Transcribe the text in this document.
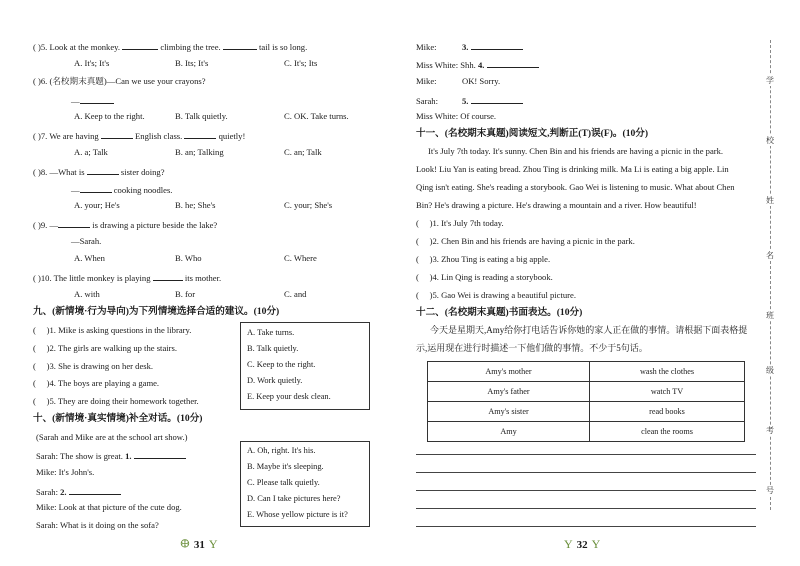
( )5. Look at the monkey.	climbing the tree.	tail is so long.
A. It's; It's	B. Its; It's	C. It's; Its
( )6. (名校期末真题)—Can we use your crayons?
—
A. Keep to the right.	B. Talk quietly.	C. OK. Take turns.
( )7. We are having	English class.	quietly!
A. a; Talk	B. an; Talking	C. an; Talk
( )8. —What is	sister doing?
—	cooking noodles.
A. your; He's	B. he; She's	C. your; She's
( )9. —	is drawing a picture beside the lake?
—Sarah.
A. When	B. Who	C. Where
( )10. The little monkey is playing	its mother.
A. with	B. for	C. and
九、(新情境·行为导向)为下列情境选择合适的建议。(10分)
(     )1. Mike is asking questions in the library.
(     )2. The girls are walking up the stairs.
(     )3. She is drawing on her desk.
(     )4. The boys are playing a game.
(     )5. They are doing their homework together.
A. Take turns.
B. Talk quietly.
C. Keep to the right.
D. Work quietly.
E. Keep your desk clean.
十、(新情境·真实情境)补全对话。(10分)
(Sarah and Mike are at the school art show.)
Sarah: The show is great. 1.
Mike: It's John's.
Sarah: 2.
Mike: Look at that picture of the cute dog.
Sarah: What is it doing on the sofa?
A. Oh, right. It's his.
B. Maybe it's sleeping.
C. Please talk quietly.
D. Can I take pictures here?
E. Whose yellow picture is it?
𐃏 31 Y
Mike:	3.
Miss White: Shh. 4.
Mike:	OK! Sorry.
Sarah:	5.
Miss White: Of course.
十一、(名校期末真题)阅读短文,判断正(T)误(F)。(10分)
It's July 7th today. It's sunny. Chen Bin and his friends are having a picnic in the park.
Look! Liu Yan is eating bread. Zhou Ting is drinking milk. Ma Li is eating a big apple. Lin
Qing isn't eating. She's reading a storybook. Gao Wei is listening to music. What about Chen
Bin? He's drawing a picture. He's drawing a mountain and a river. How beautiful!
(     )1. It's July 7th today.
(     )2. Chen Bin and his friends are having a picnic in the park.
(     )3. Zhou Ting is eating a big apple.
(     )4. Lin Qing is reading a storybook.
(     )5. Gao Wei is drawing a beautiful picture.
十二、(名校期末真题)书面表达。(10分)
今天是星期天,Amy给你打电话告诉你她的家人正在做的事情。请根据下面表格提
示,运用现在进行时描述一下他们做的事情。不少于5句话。
Amy's mother	wash the clothes
Amy's father	watch TV
Amy's sister	read books
Amy	clean the rooms
Y 32 Y
学
校
姓
名
班
级
考
号
